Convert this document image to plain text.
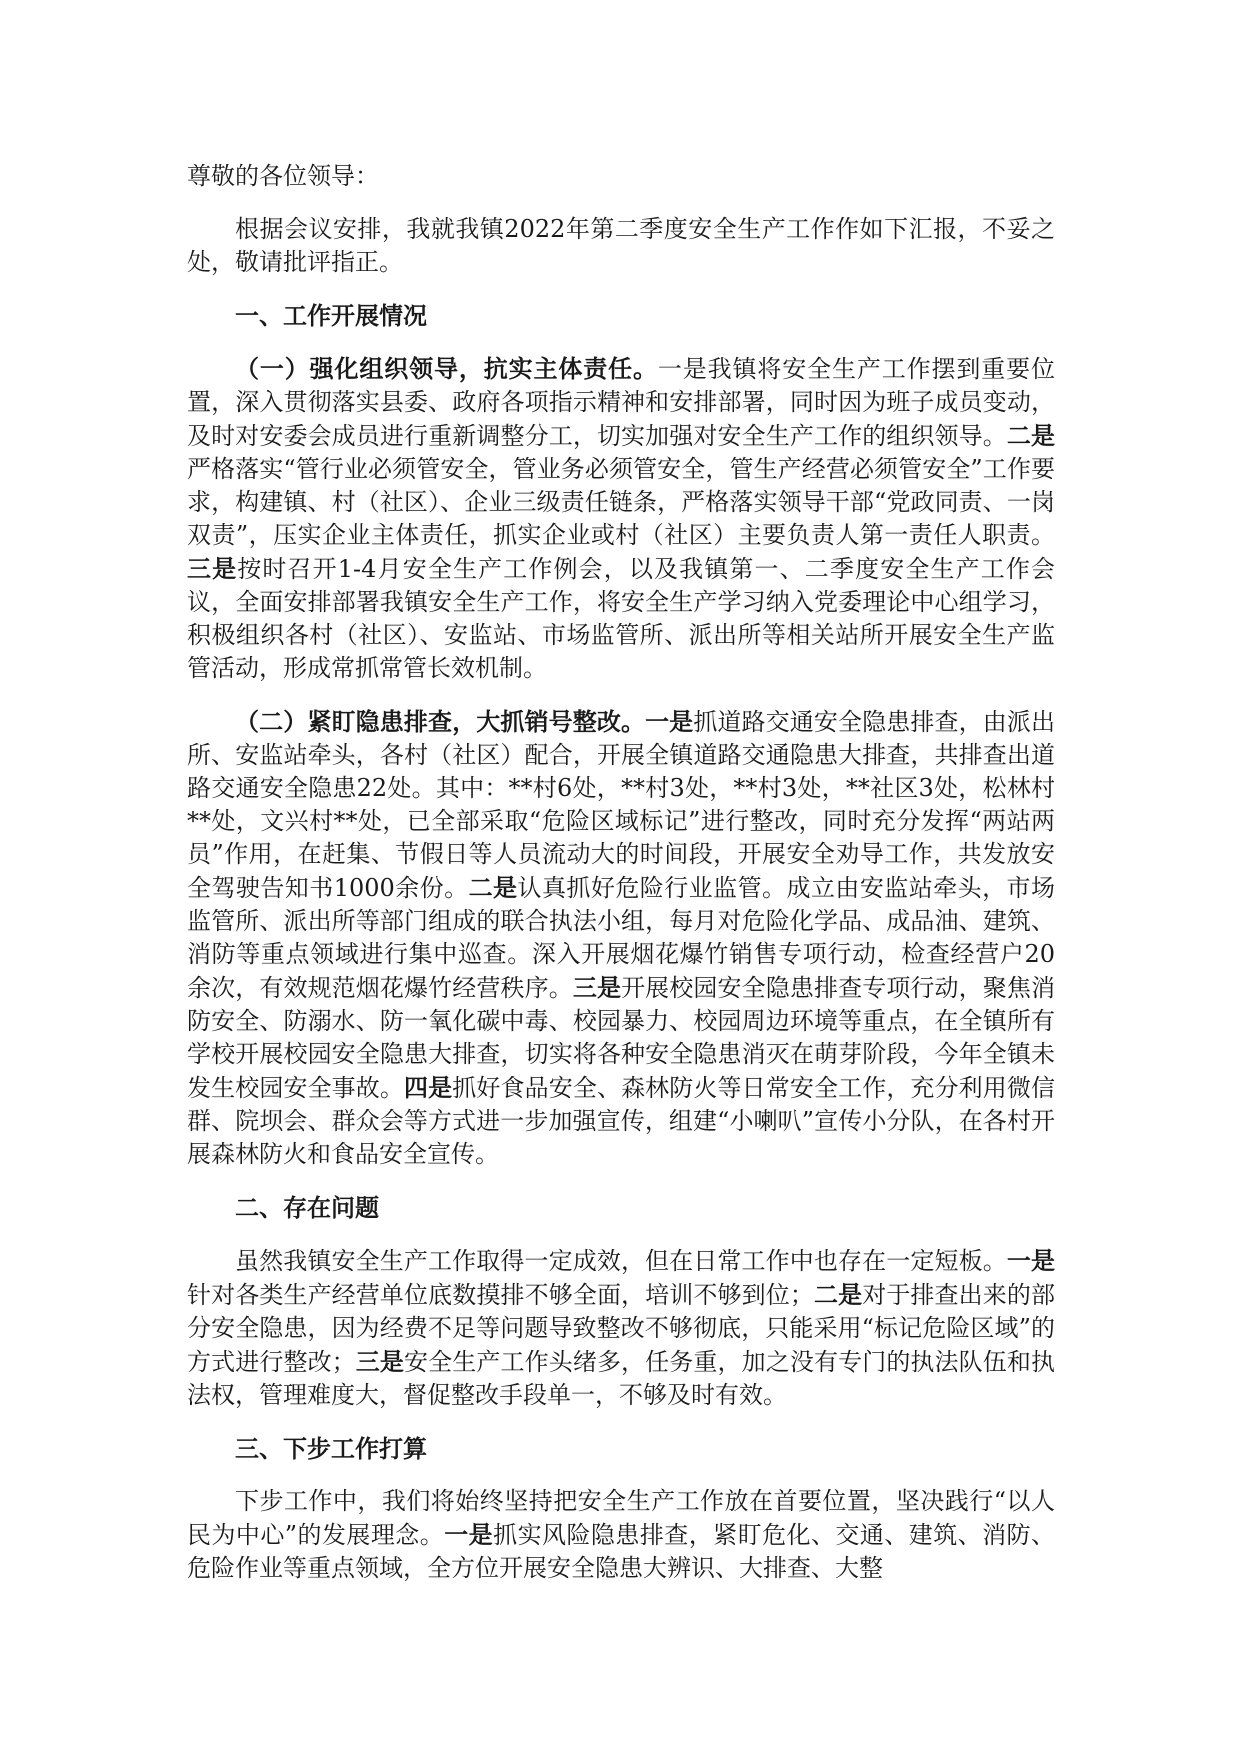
尊敬的各位领导：

根据会议安排，我就我镇2022年第二季度安全生产工作作如下汇报，不妥之处，敬请批评指正。

一、工作开展情况

（一）强化组织领导，抗实主体责任。一是我镇将安全生产工作摆到重要位置，深入贯彻落实县委、政府各项指示精神和安排部署，同时因为班子成员变动，及时对安委会成员进行重新调整分工，切实加强对安全生产工作的组织领导。二是严格落实“管行业必须管安全，管业务必须管安全，管生产经营必须管安全”工作要求，构建镇、村（社区）、企业三级责任链条，严格落实领导干部“党政同责、一岗双责”，压实企业主体责任，抓实企业或村（社区）主要负责人第一责任人职责。三是按时召开1-4月安全生产工作例会，以及我镇第一、二季度安全生产工作会议，全面安排部署我镇安全生产工作，将安全生产学习纳入党委理论中心组学习，积极组织各村（社区）、安监站、市场监管所、派出所等相关站所开展安全生产监管活动，形成常抓常管长效机制。

（二）紧盯隐患排查，大抓销号整改。一是抓道路交通安全隐患排查，由派出所、安监站牵头，各村（社区）配合，开展全镇道路交通隐患大排查，共排查出道路交通安全隐患22处。其中：**村6处，**村3处，**村3处，**社区3处，松林村**处，文兴村**处，已全部采取“危险区域标记”进行整改，同时充分发挥“两站两员”作用，在赶集、节假日等人员流动大的时间段，开展安全劝导工作，共发放安全驾驶告知书1000余份。二是认真抓好危险行业监管。成立由安监站牵头，市场监管所、派出所等部门组成的联合执法小组，每月对危险化学品、成品油、建筑、消防等重点领域进行集中巡查。深入开展烟花爆竹销售专项行动，检查经营户20余次，有效规范烟花爆竹经营秩序。三是开展校园安全隐患排查专项行动，聚焦消防安全、防溺水、防一氧化碳中毒、校园暴力、校园周边环境等重点，在全镇所有学校开展校园安全隐患大排查，切实将各种安全隐患消灭在萌芽阶段，今年全镇未发生校园安全事故。四是抓好食品安全、森林防火等日常安全工作，充分利用微信群、院坝会、群众会等方式进一步加强宣传，组建“小喇叭”宣传小分队，在各村开展森林防火和食品安全宣传。

二、存在问题

虽然我镇安全生产工作取得一定成效，但在日常工作中也存在一定短板。一是针对各类生产经营单位底数摸排不够全面，培训不够到位；二是对于排查出来的部分安全隐患，因为经费不足等问题导致整改不够彻底，只能采用“标记危险区域”的方式进行整改；三是安全生产工作头绪多，任务重，加之没有专门的执法队伍和执法权，管理难度大，督促整改手段单一，不够及时有效。

三、下步工作打算

下步工作中，我们将始终坚持把安全生产工作放在首要位置，坚决践行“以人民为中心”的发展理念。一是抓实风险隐患排查，紧盯危化、交通、建筑、消防、危险作业等重点领域，全方位开展安全隐患大辨识、大排查、大整
